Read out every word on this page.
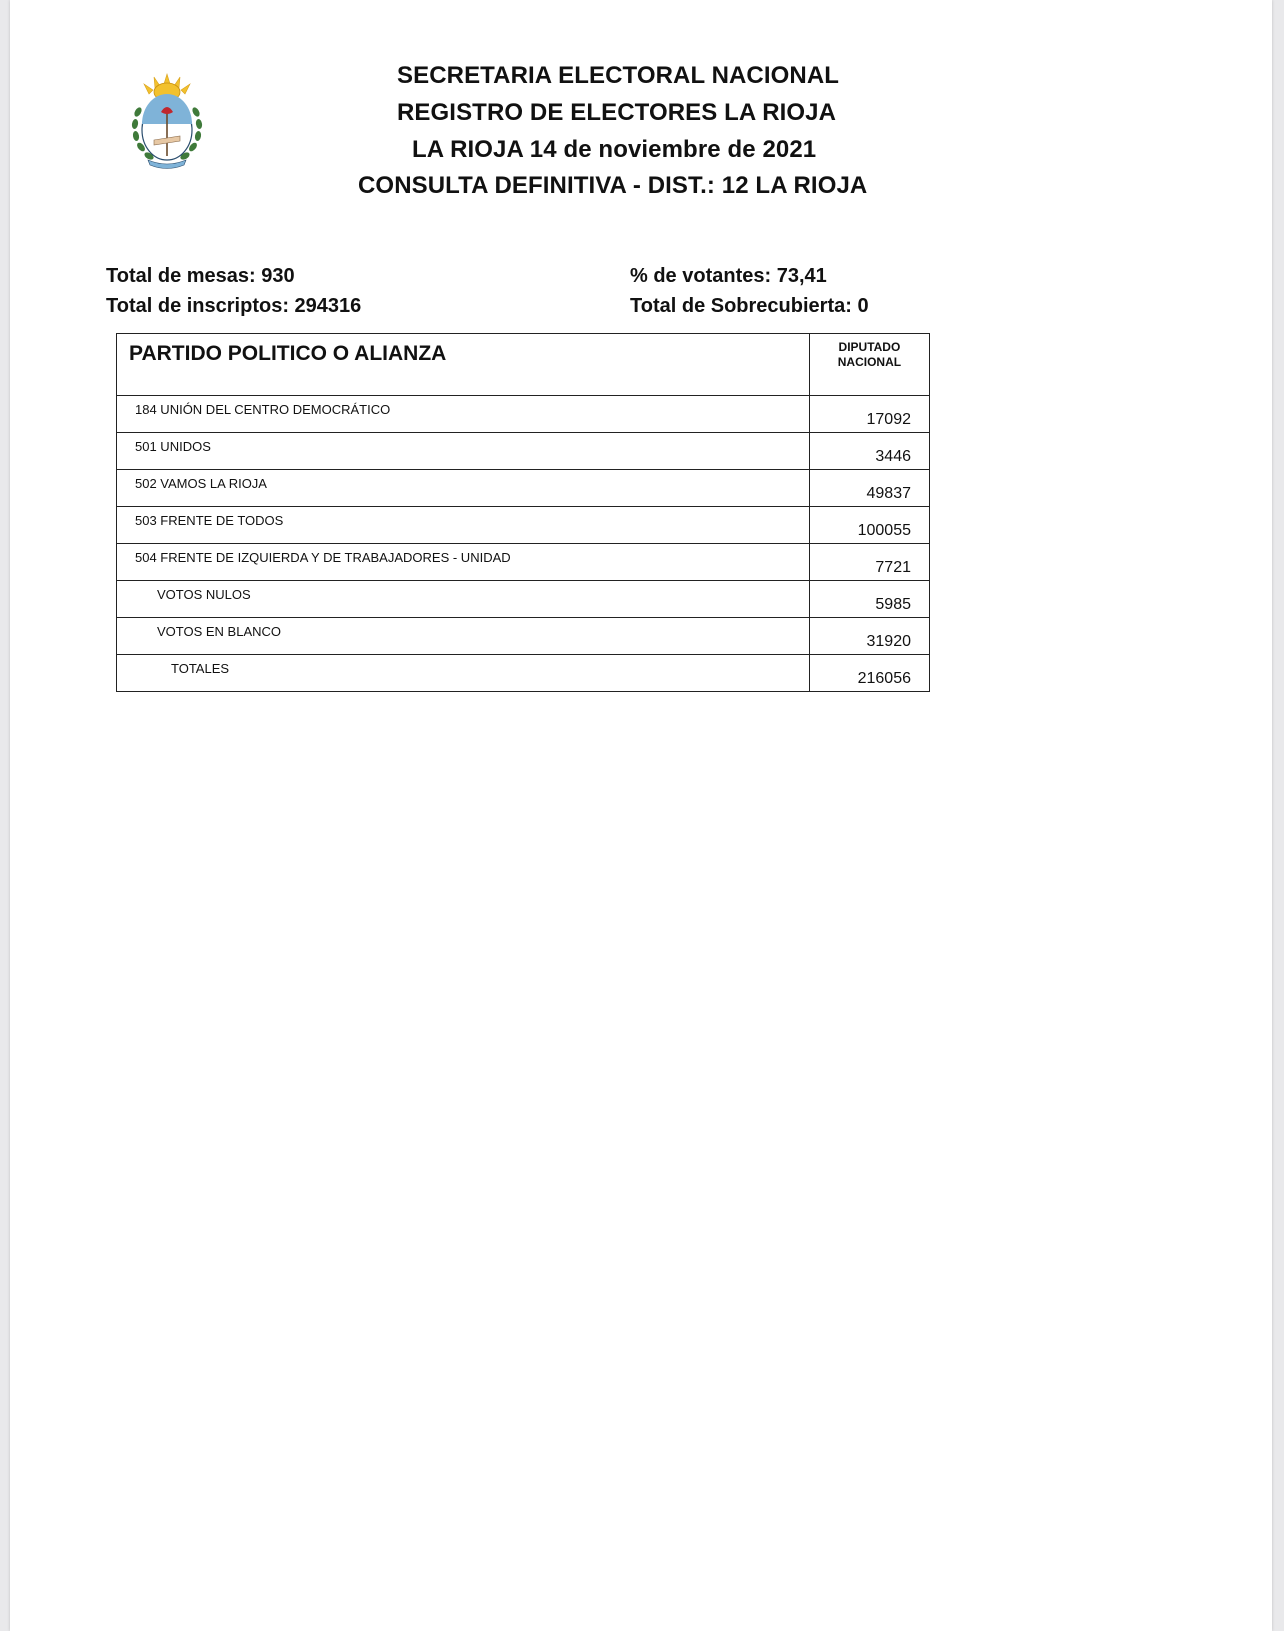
SECRETARIA ELECTORAL NACIONAL
REGISTRO DE ELECTORES LA RIOJA
LA RIOJA 14 de noviembre de 2021
CONSULTA DEFINITIVA - DIST.: 12 LA RIOJA
Total de mesas: 930
Total de inscriptos: 294316
% de votantes: 73,41
Total de Sobrecubierta: 0
PARTIDO POLITICO O ALIANZA	DIPUTADO
NACIONAL
184 UNIÓN DEL CENTRO DEMOCRÁTICO	17092
501 UNIDOS	3446
502 VAMOS LA RIOJA	49837
503 FRENTE DE TODOS	100055
504 FRENTE DE IZQUIERDA Y DE TRABAJADORES - UNIDAD	7721
VOTOS NULOS	5985
VOTOS EN BLANCO	31920
TOTALES	216056
